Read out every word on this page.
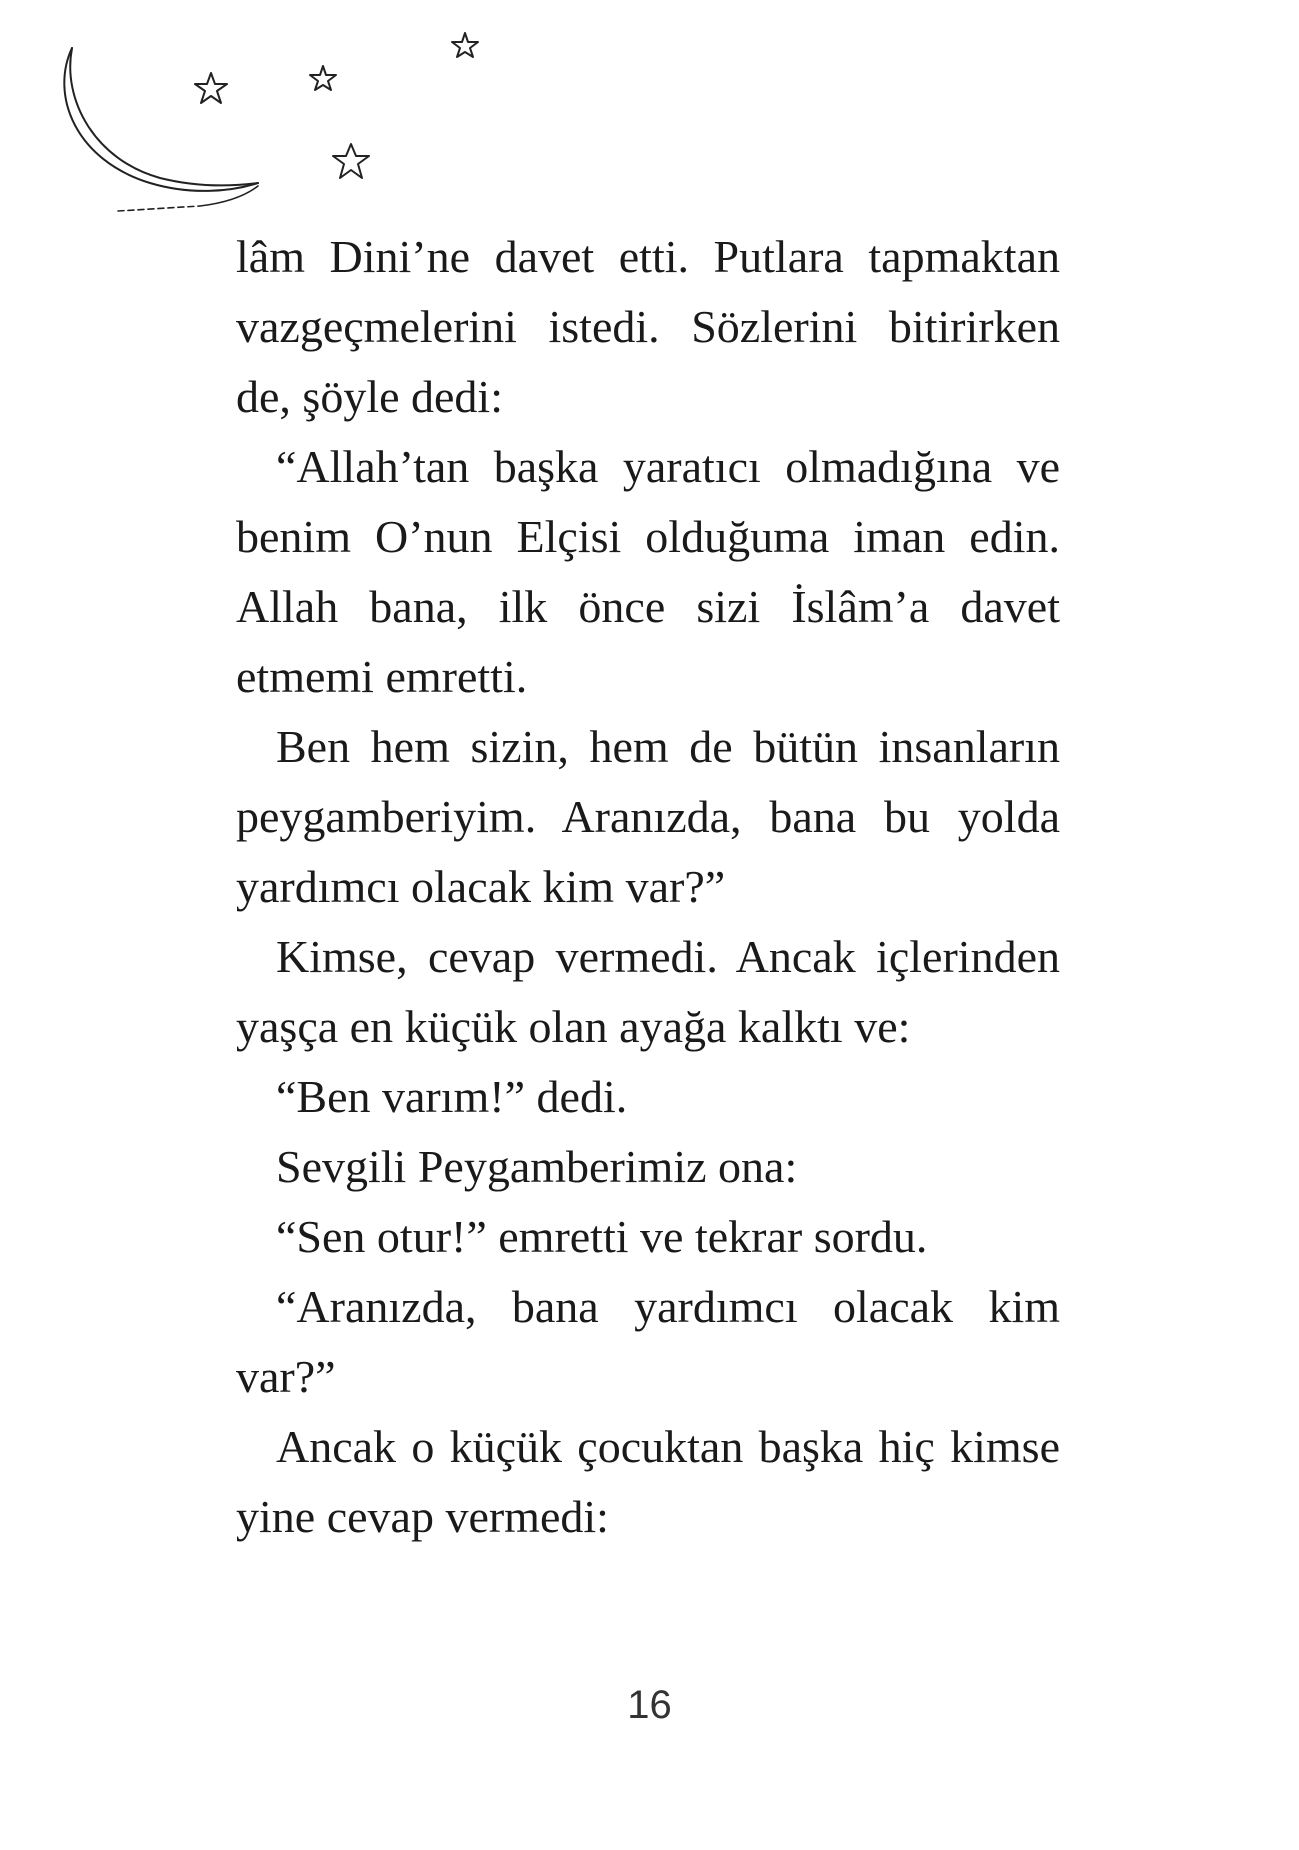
lâm Dini’ne davet etti. Putlara tapmaktan vazgeçmelerini istedi. Sözlerini bitirirken de, şöyle dedi:

“Allah’tan başka yaratıcı olmadığına ve benim O’nun Elçisi olduğuma iman edin. Allah bana, ilk önce sizi İslâm’a davet etmemi emretti.

Ben hem sizin, hem de bütün insanların peygamberiyim. Aranızda, bana bu yolda yardımcı olacak kim var?”

Kimse, cevap vermedi. Ancak içlerinden yaşça en küçük olan ayağa kalktı ve:

“Ben varım!” dedi.

Sevgili Peygamberimiz ona:

“Sen otur!” emretti ve tekrar sordu.

“Aranızda, bana yardımcı olacak kim var?”

Ancak o küçük çocuktan başka hiç kimse yine cevap vermedi:

16
